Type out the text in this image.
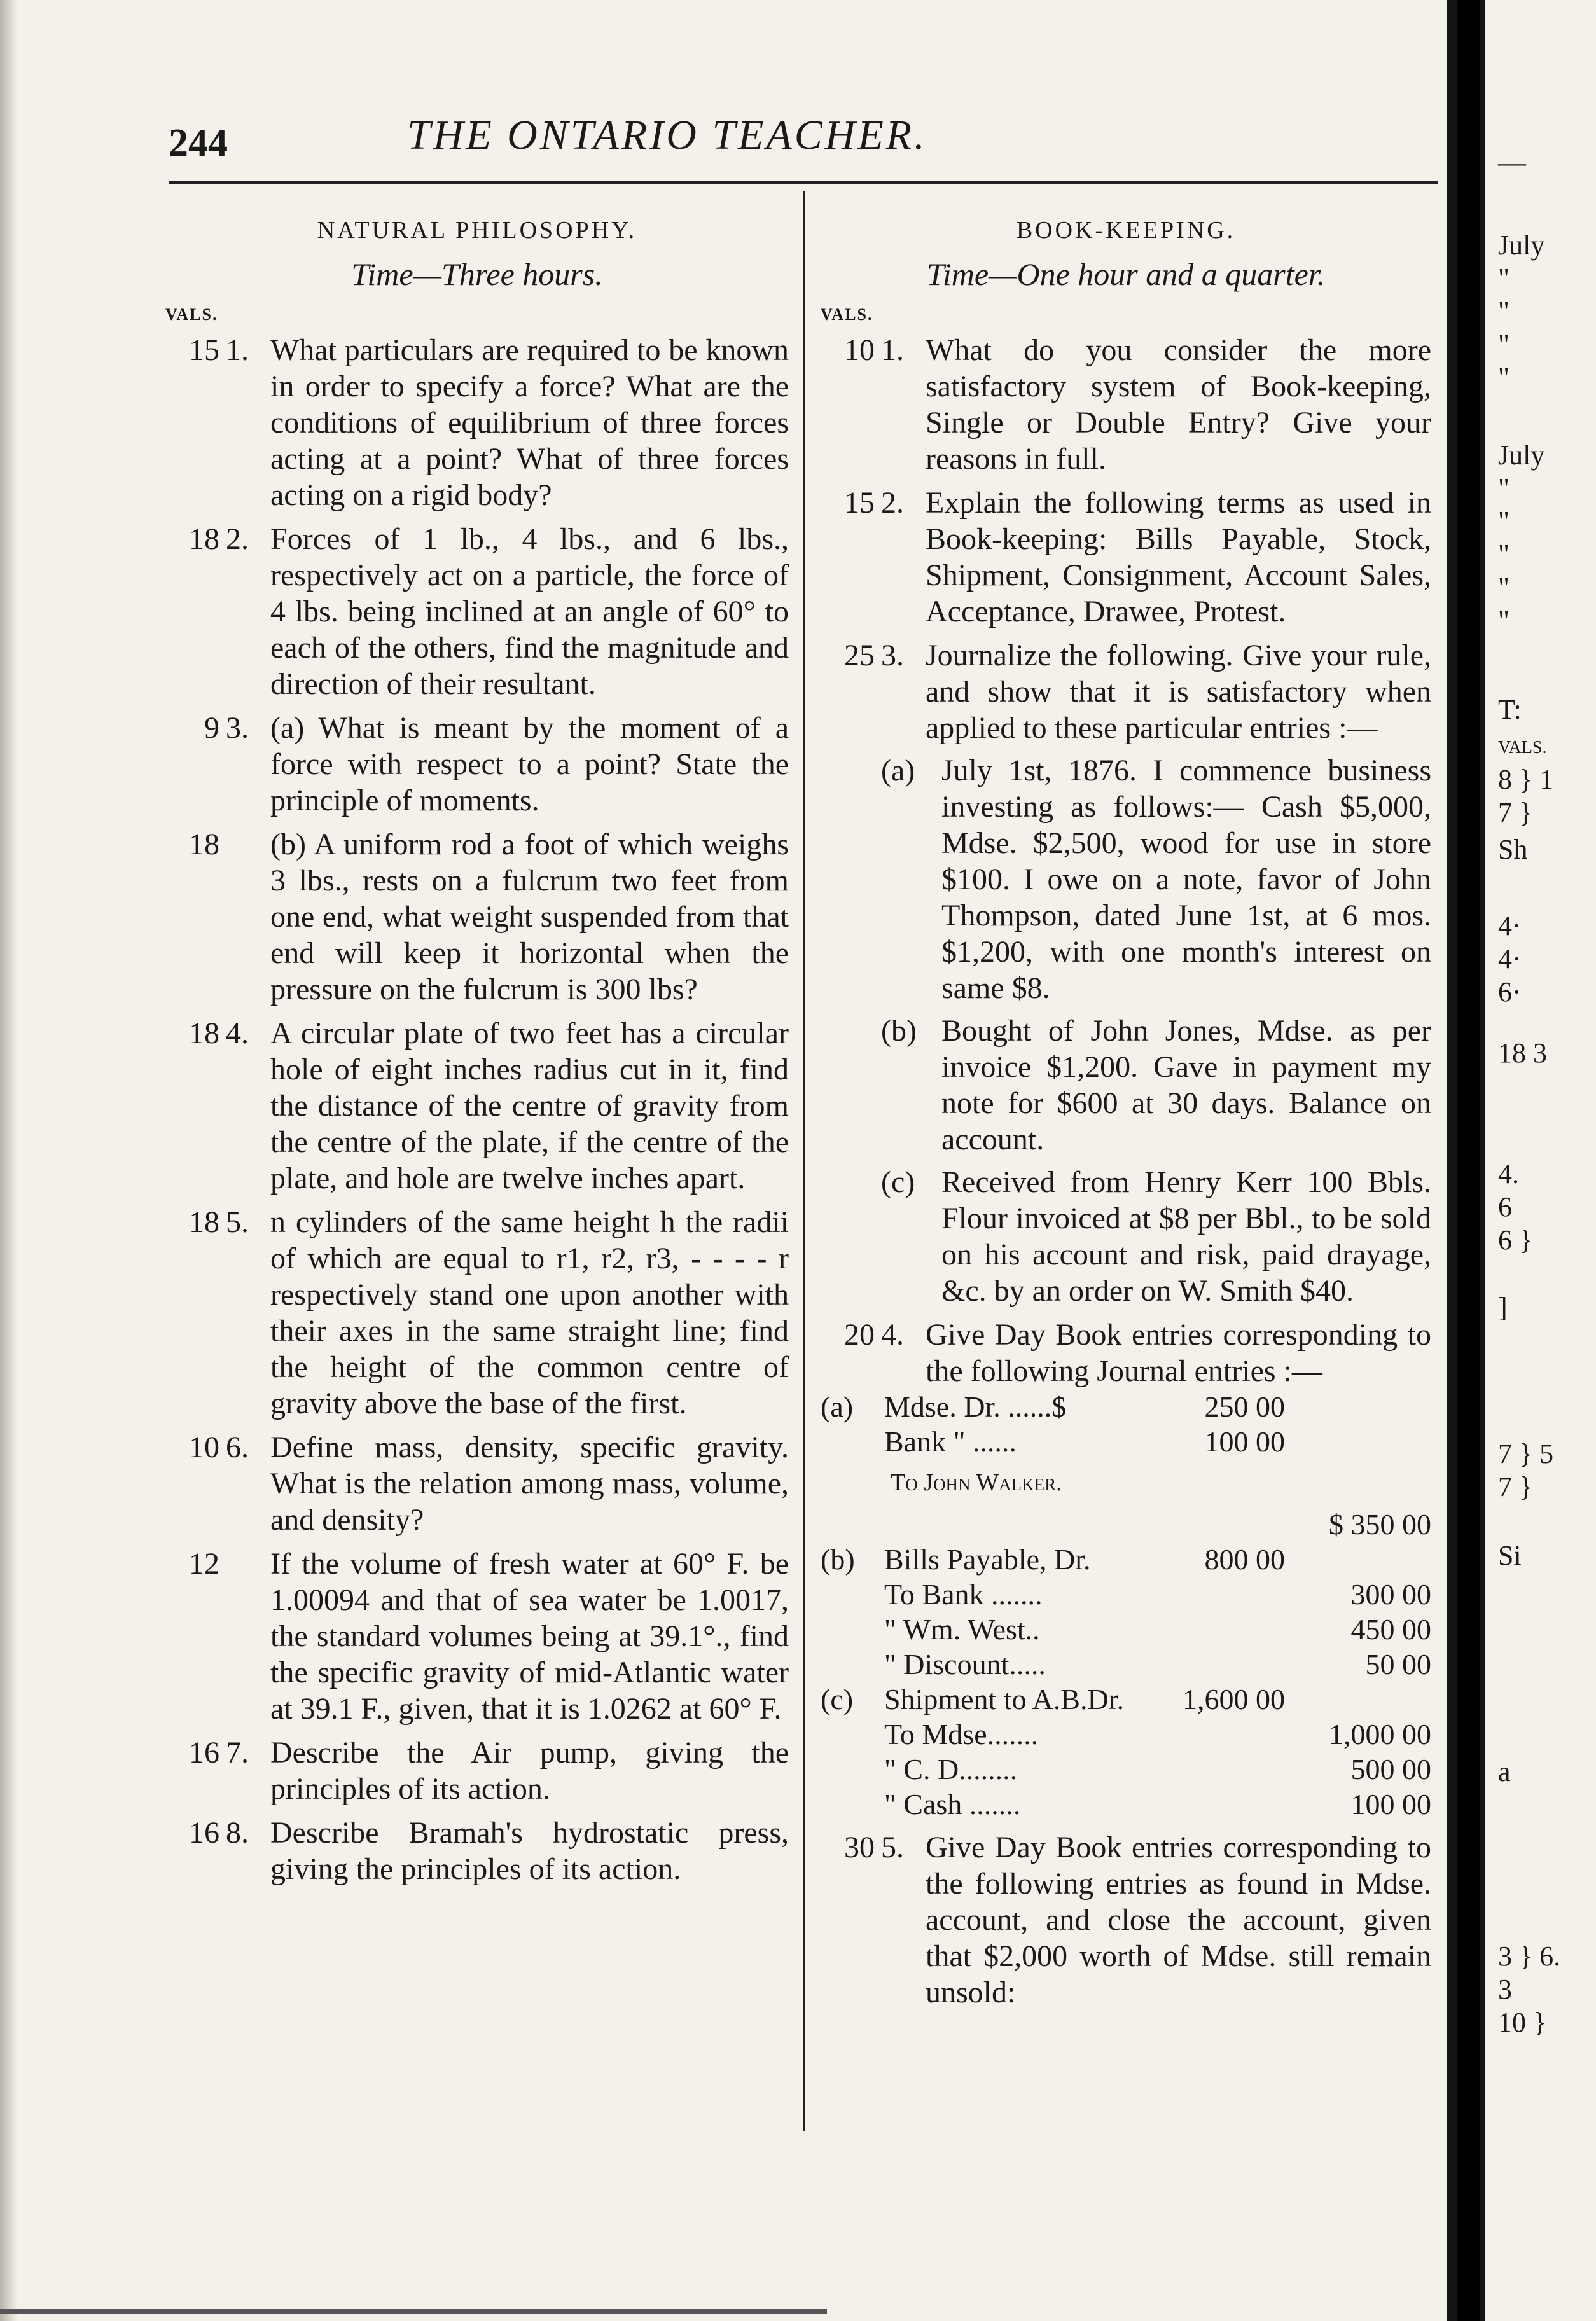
244	THE ONTARIO TEACHER.
NATURAL PHILOSOPHY.
Time—Three hours.
VALS.
15 1. What particulars are required to be known in order to specify a force? What are the conditions of equilibrium of three forces acting at a point? What of three forces acting on a rigid body?
18 2. Forces of 1 lb., 4 lbs., and 6 lbs., respectively act on a particle, the force of 4 lbs. being inclined at an angle of 60° to each of the others, find the magnitude and direction of their resultant.
9 3. (a) What is meant by the moment of a force with respect to a point? State the principle of moments.
18 (b) A uniform rod a foot of which weighs 3 lbs., rests on a fulcrum two feet from one end, what weight suspended from that end will keep it horizontal when the pressure on the fulcrum is 300 lbs?
18 4. A circular plate of two feet has a circular hole of eight inches radius cut in it, find the distance of the centre of gravity from the centre of the plate, if the centre of the plate, and hole are twelve inches apart.
18 5. n cylinders of the same height h the radii of which are equal to r1, r2, r3, - - - - r respectively stand one upon another with their axes in the same straight line; find the height of the common centre of gravity above the base of the first.
10 6. Define mass, density, specific gravity. What is the relation among mass, volume, and density?
12 If the volume of fresh water at 60° F. be 1.00094 and that of sea water be 1.0017, the standard volumes being at 39.1°., find the specific gravity of mid-Atlantic water at 39.1 F., given, that it is 1.0262 at 60° F.
16 7. Describe the Air pump, giving the principles of its action.
16 8. Describe Bramah's hydrostatic press, giving the principles of its action.
BOOK-KEEPING.
Time—One hour and a quarter.
VALS.
10 1. What do you consider the more satisfactory system of Book-keeping, Single or Double Entry? Give your reasons in full.
15 2. Explain the following terms as used in Book-keeping: Bills Payable, Stock, Shipment, Consignment, Account Sales, Acceptance, Drawee, Protest.
25 3. Journalize the following. Give your rule, and show that it is satisfactory when applied to these particular entries :—
(a) July 1st, 1876. I commence business investing as follows:— Cash $5,000, Mdse. $2,500, wood for use in store $100. I owe on a note, favor of John Thompson, dated June 1st, at 6 mos. $1,200, with one month's interest on same $8.
(b) Bought of John Jones, Mdse. as per invoice $1,200. Gave in payment my note for $600 at 30 days. Balance on account.
(c) Received from Henry Kerr 100 Bbls. Flour invoiced at $8 per Bbl., to be sold on his account and risk, paid drayage, &c. by an order on W. Smith $40.
20 4. Give Day Book entries corresponding to the following Journal entries :—
(a)	Mdse. Dr. ......$	250 00
Bank " ......	100 00
To John Walker.
$ 350 00
(b)	Bills Payable, Dr.	800 00
To Bank .......	300 00
" Wm. West..	450 00
" Discount.....	50 00
(c)	Shipment to A.B.Dr.	1,600 00
To Mdse.......	1,000 00
" C. D........	500 00
" Cash .......	100 00
30 5. Give Day Book entries corresponding to the following entries as found in Mdse. account, and close the account, given that $2,000 worth of Mdse. still remain unsold:
—
July
"
"
"
"
July
"
"
"
"
"
T:
VALS.
8 } 1
7 }
Sh
4·
4·
6·
18 3
4.
6
6 }
]
7 } 5
7 }
Si
a
3 } 6.
3
10 }
